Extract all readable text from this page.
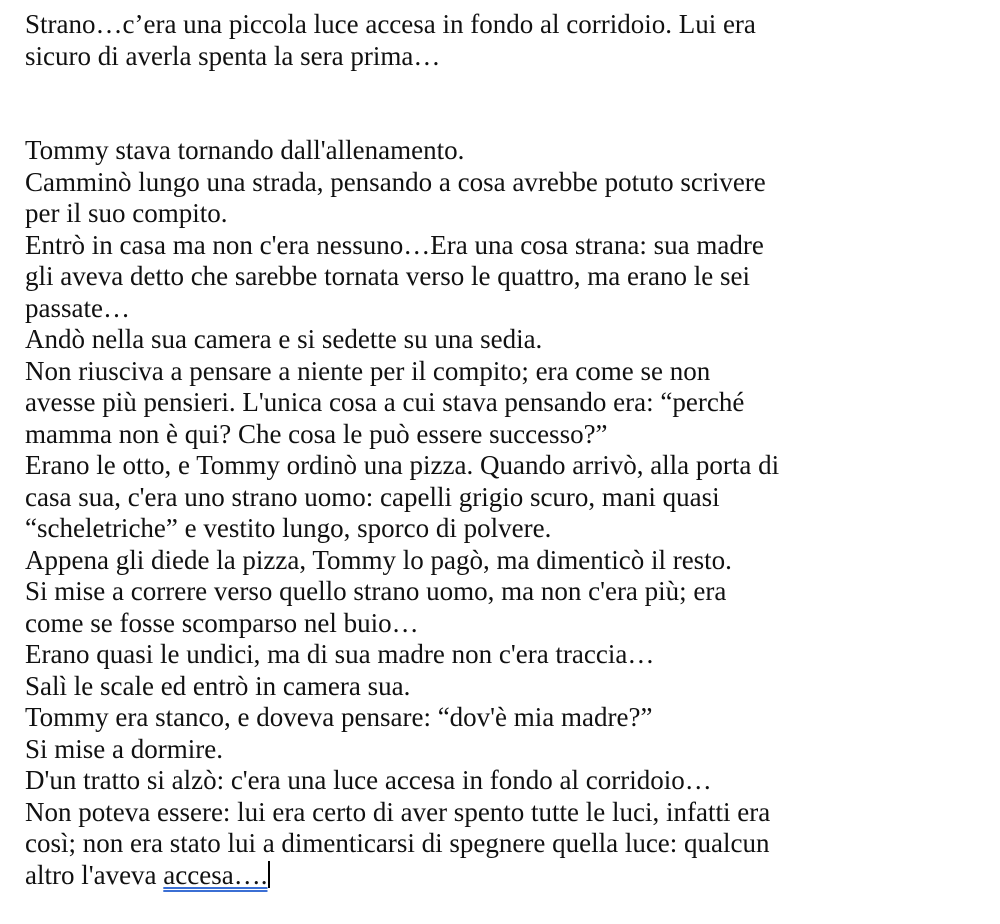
Strano…c’era una piccola luce accesa in fondo al corridoio. Lui era
sicuro di averla spenta la sera prima…

Tommy stava tornando dall'allenamento.
Camminò lungo una strada, pensando a cosa avrebbe potuto scrivere
per il suo compito.
Entrò in casa ma non c'era nessuno…Era una cosa strana: sua madre
gli aveva detto che sarebbe tornata verso le quattro, ma erano le sei
passate…
Andò nella sua camera e si sedette su una sedia.
Non riusciva a pensare a niente per il compito; era come se non
avesse più pensieri. L'unica cosa a cui stava pensando era: “perché
mamma non è qui? Che cosa le può essere successo?”
Erano le otto, e Tommy ordinò una pizza. Quando arrivò, alla porta di
casa sua, c'era uno strano uomo: capelli grigio scuro, mani quasi
“scheletriche” e vestito lungo, sporco di polvere.
Appena gli diede la pizza, Tommy lo pagò, ma dimenticò il resto.
Si mise a correre verso quello strano uomo, ma non c'era più; era
come se fosse scomparso nel buio…
Erano quasi le undici, ma di sua madre non c'era traccia…
Salì le scale ed entrò in camera sua.
Tommy era stanco, e doveva pensare: “dov'è mia madre?”
Si mise a dormire.
D'un tratto si alzò: c'era una luce accesa in fondo al corridoio…
Non poteva essere: lui era certo di aver spento tutte le luci, infatti era
così; non era stato lui a dimenticarsi di spegnere quella luce: qualcun
altro l'aveva accesa….
